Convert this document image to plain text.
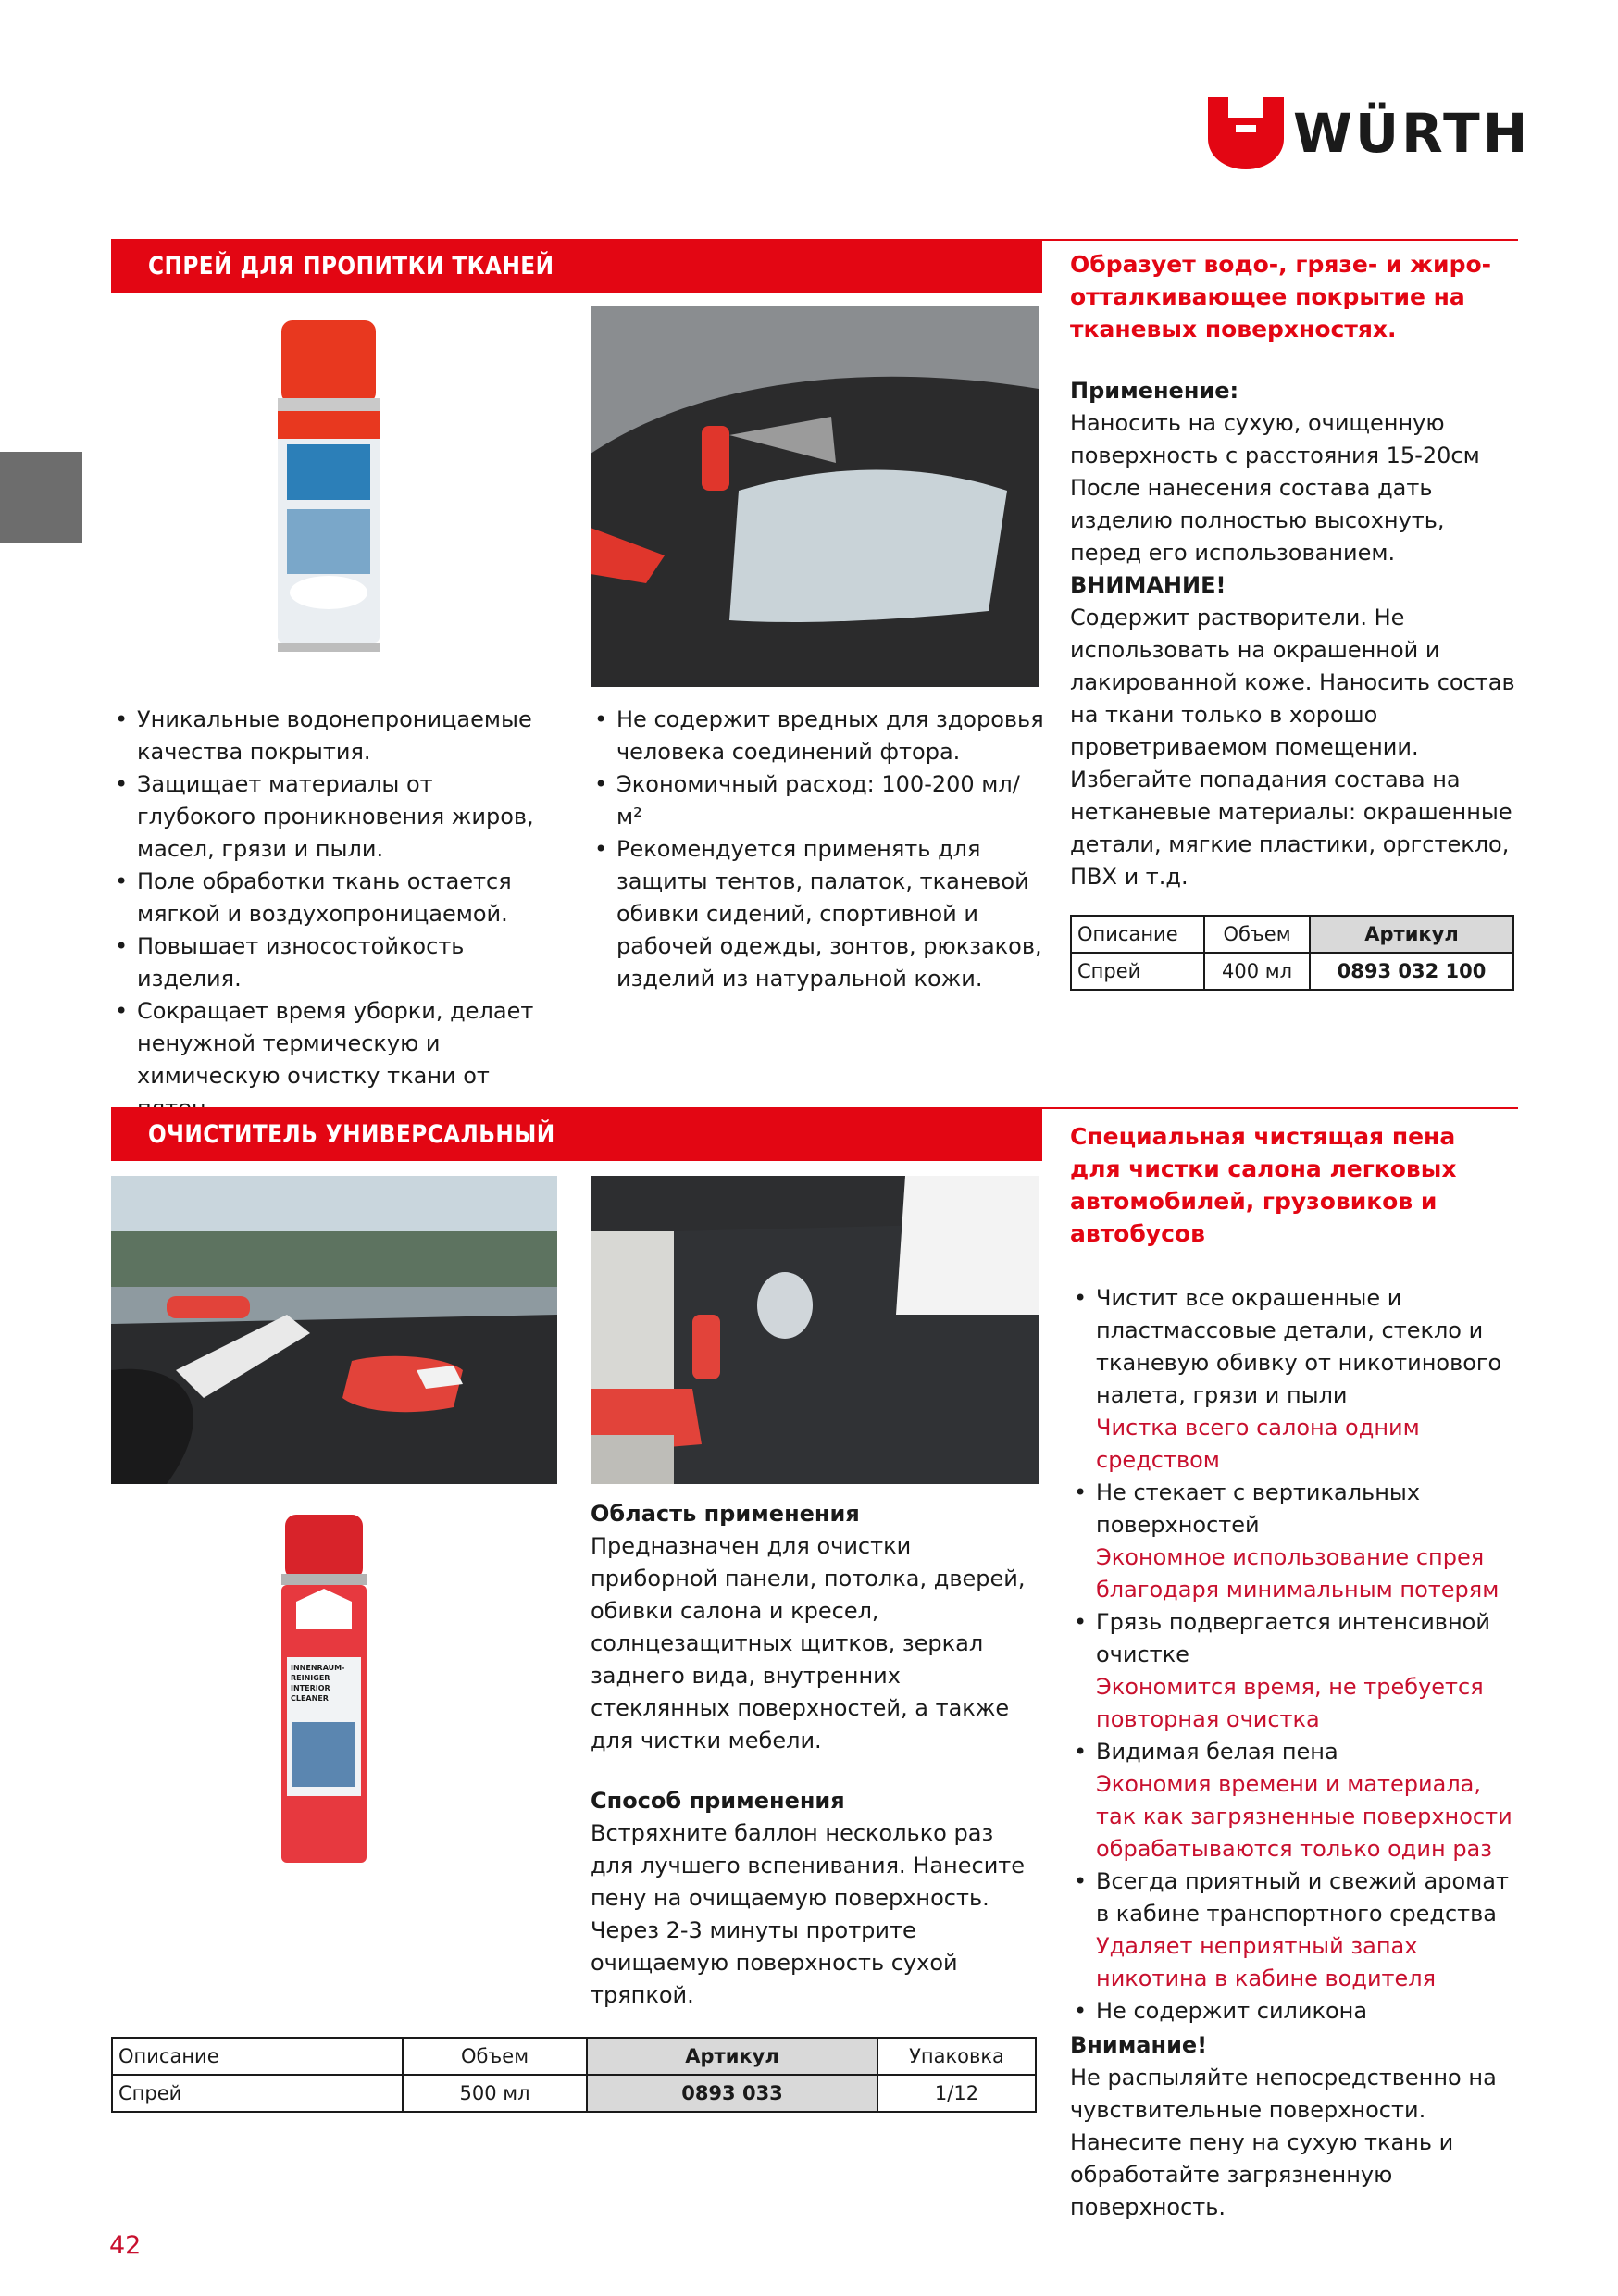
WÜRTH
СПРЕЙ ДЛЯ ПРОПИТКИ ТКАНЕЙ	Образует водо-, грязе- и жиро-
отталкивающее покрытие на
тканевых поверхностях.
• Уникальные водонепроницаемые качества покрытия.
• Защищает материалы от глубокого проникновения жиров, масел, грязи и пыли.
• Поле обработки ткань остается мягкой и воздухопроницаемой.
• Повышает износостойкость изделия.
• Сокращает время уборки, делает ненужной термическую и химическую очистку ткани от
• Не содержит вредных для здоровья человека соединений фтора.
• Экономичный расход: 100-200 мл/м²
• Рекомендуется применять для защиты тентов, палаток, тканевой обивки сидений, спортивной и рабочей одежды, зонтов, рюкзаков, изделий из натуральной кожи.
Применение:
Наносить на сухую, очищенную поверхность с расстояния 15-20см После нанесения состава дать изделию полностью высохнуть, перед его использованием.
ВНИМАНИЕ!
Содержит растворители. Не использовать на окрашенной и лакированной коже. Наносить состав на ткани только в хорошо проветриваемом помещении. Избегайте попадания состава на нетканевые материалы: окрашенные детали, мягкие пластики, оргстекло, ПВХ и т.д.
Описание	Объем	Артикул
Спрей	400 мл	0893 032 100
ОЧИСТИТЕЛЬ УНИВЕРСАЛЬНЫЙ	Специальная чистящая пена
для чистки салона легковых
автомобилей, грузовиков и
автобусов
INNENRAUM-
REINIGER
INTERIOR
CLEANER
Область применения
Предназначен для очистки приборной панели, потолка, дверей, обивки салона и кресел, солнцезащитных щитков, зеркал заднего вида, внутренних стеклянных поверхностей, а также для чистки мебели.
Способ применения
Встряхните баллон несколько раз для лучшего вспенивания. Нанесите пену на очищаемую поверхность. Через 2-3 минуты протрите очищаемую поверхность сухой тряпкой.
• Чистит все окрашенные и пластмассовые детали, стекло и тканевую обивку от никотинового налета, грязи и пыли
Чистка всего салона одним средством
• Не стекает с вертикальных поверхностей
Экономное использование спрея благодаря минимальным потерям
• Грязь подвергается интенсивной очистке
Экономится время, не требуется повторная очистка
• Видимая белая пена
Экономия времени и материала, так как загрязненные поверхности обрабатываются только один раз
• Всегда приятный и свежий аромат в кабине транспортного средства
Удаляет неприятный запах никотина в кабине водителя
• Не содержит силикона
Внимание!
Не распыляйте непосредственно на чувствительные поверхности. Нанесите пену на сухую ткань и обработайте загрязненную поверхность.
Описание	Объем	Артикул	Упаковка
Спрей	500 мл	0893 033	1/12
42
